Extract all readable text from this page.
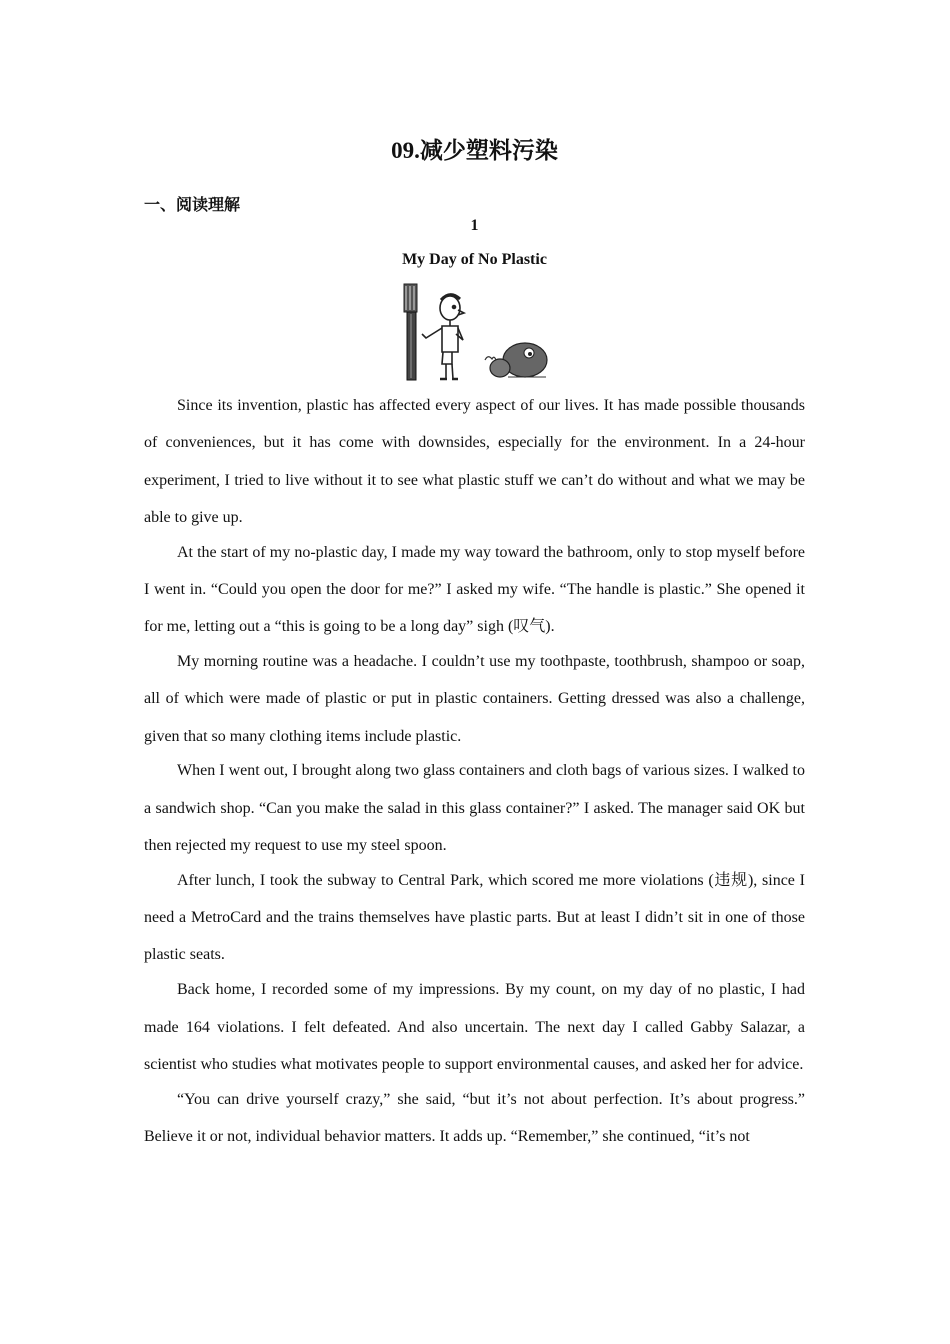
09.减少塑料污染
一、阅读理解
1
My Day of No Plastic

Since its invention, plastic has affected every aspect of our lives. It has made possible thousands of conveniences, but it has come with downsides, especially for the environment. In a 24-hour experiment, I tried to live without it to see what plastic stuff we can’t do without and what we may be able to give up.

At the start of my no-plastic day, I made my way toward the bathroom, only to stop myself before I went in. “Could you open the door for me?” I asked my wife. “The handle is plastic.” She opened it for me, letting out a “this is going to be a long day” sigh (叹气).

My morning routine was a headache. I couldn’t use my toothpaste, toothbrush, shampoo or soap, all of which were made of plastic or put in plastic containers. Getting dressed was also a challenge, given that so many clothing items include plastic.

When I went out, I brought along two glass containers and cloth bags of various sizes. I walked to a sandwich shop. “Can you make the salad in this glass container?” I asked. The manager said OK but then rejected my request to use my steel spoon.

After lunch, I took the subway to Central Park, which scored me more violations (违规), since I need a MetroCard and the trains themselves have plastic parts. But at least I didn’t sit in one of those plastic seats.

Back home, I recorded some of my impressions. By my count, on my day of no plastic, I had made 164 violations. I felt defeated. And also uncertain. The next day I called Gabby Salazar, a scientist who studies what motivates people to support environmental causes, and asked her for advice.

“You can drive yourself crazy,” she said, “but it’s not about perfection. It’s about progress.” Believe it or not, individual behavior matters. It adds up. “Remember,” she continued, “it’s not
